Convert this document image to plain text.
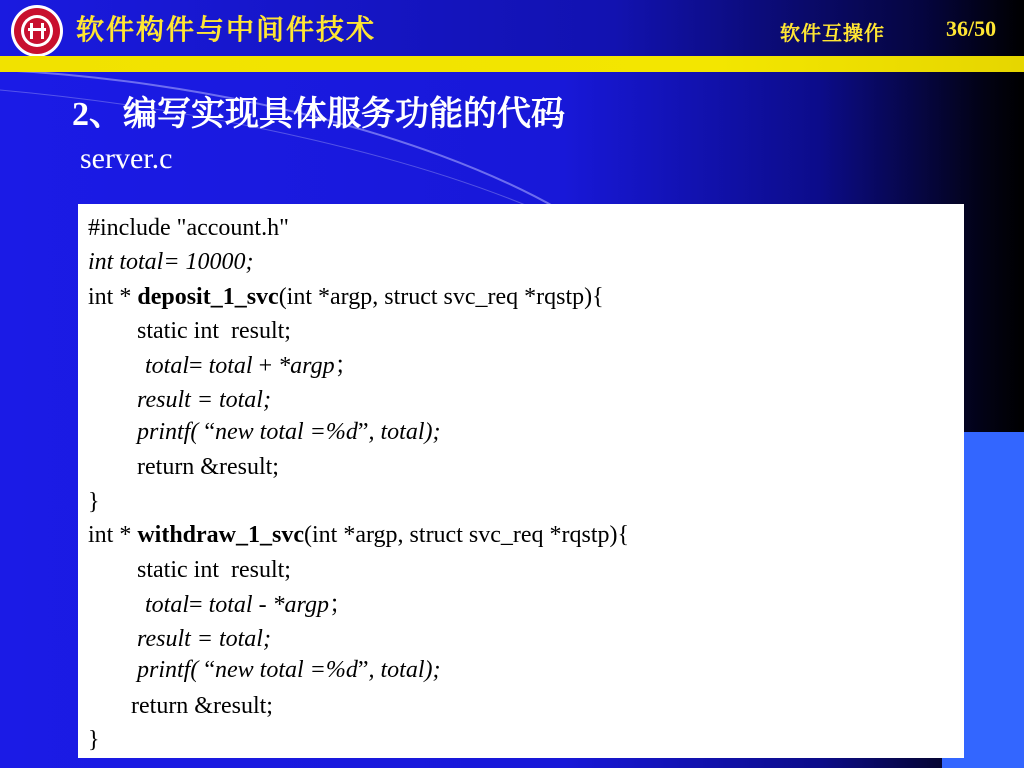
软件构件与中间件技术	软件互操作	36/50
2、编写实现具体服务功能的代码
server.c
#include "account.h"
int total= 10000;
int * deposit_1_svc(int *argp, struct svc_req *rqstp){
static int  result;
total= total + *argp；
result = total;
printf( “new total =%d”, total);
return &result;
}
int * withdraw_1_svc(int *argp, struct svc_req *rqstp){
static int  result;
total= total - *argp；
result = total;
printf( “new total =%d”, total);
return &result;
}
